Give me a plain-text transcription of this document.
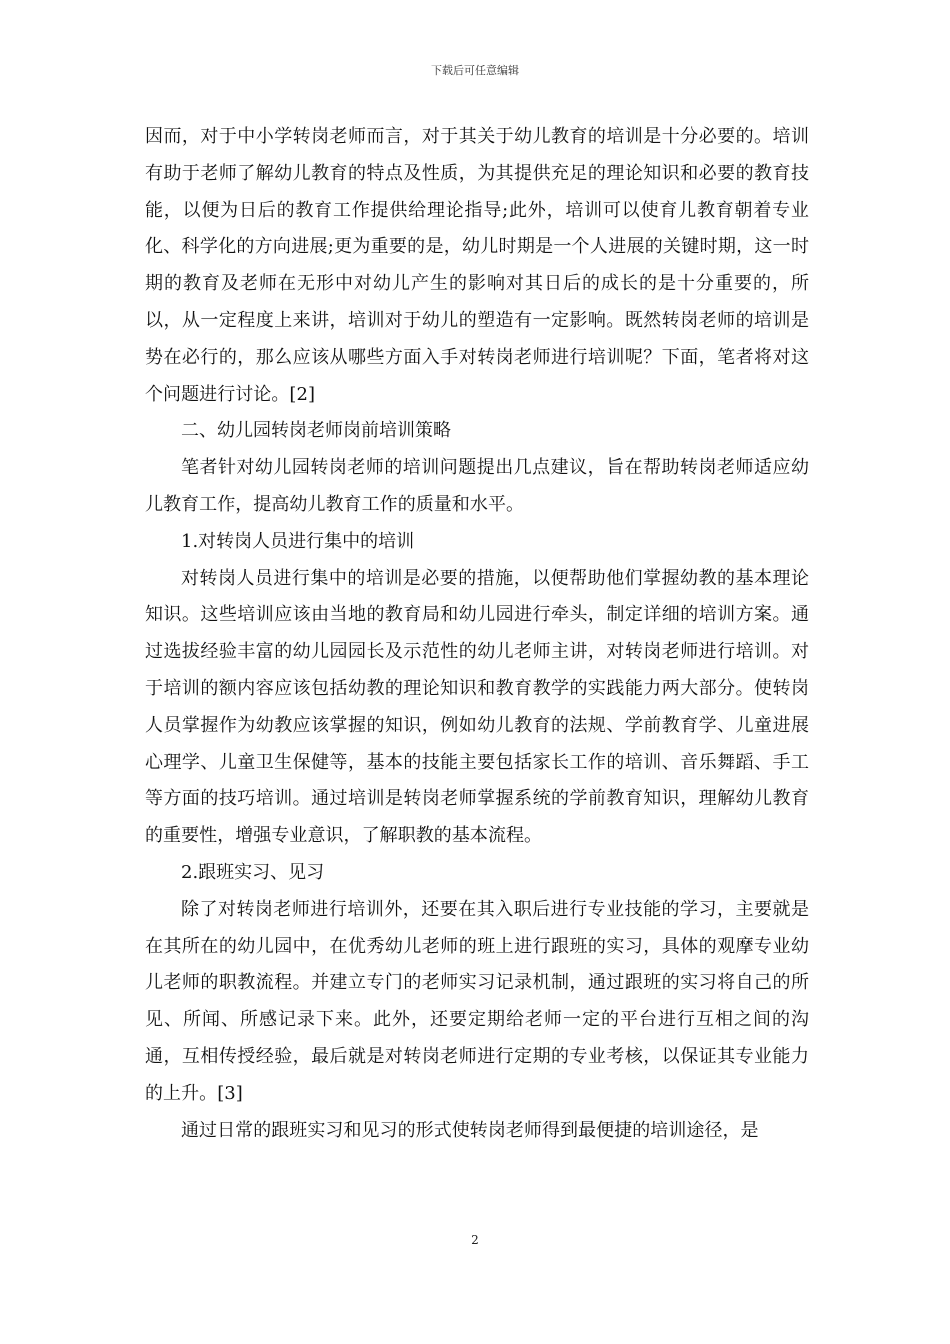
下载后可任意编辑

因而，对于中小学转岗老师而言，对于其关于幼儿教育的培训是十分必要的。培训有助于老师了解幼儿教育的特点及性质，为其提供充足的理论知识和必要的教育技能，以便为日后的教育工作提供给理论指导;此外，培训可以使育儿教育朝着专业化、科学化的方向进展;更为重要的是，幼儿时期是一个人进展的关键时期，这一时期的教育及老师在无形中对幼儿产生的影响对其日后的成长的是十分重要的，所以，从一定程度上来讲，培训对于幼儿的塑造有一定影响。既然转岗老师的培训是势在必行的，那么应该从哪些方面入手对转岗老师进行培训呢？下面，笔者将对这个问题进行讨论。[2]

二、幼儿园转岗老师岗前培训策略

笔者针对幼儿园转岗老师的培训问题提出几点建议，旨在帮助转岗老师适应幼儿教育工作，提高幼儿教育工作的质量和水平。

1.对转岗人员进行集中的培训

对转岗人员进行集中的培训是必要的措施，以便帮助他们掌握幼教的基本理论知识。这些培训应该由当地的教育局和幼儿园进行牵头，制定详细的培训方案。通过选拔经验丰富的幼儿园园长及示范性的幼儿老师主讲，对转岗老师进行培训。对于培训的额内容应该包括幼教的理论知识和教育教学的实践能力两大部分。使转岗人员掌握作为幼教应该掌握的知识，例如幼儿教育的法规、学前教育学、儿童进展心理学、儿童卫生保健等，基本的技能主要包括家长工作的培训、音乐舞蹈、手工等方面的技巧培训。通过培训是转岗老师掌握系统的学前教育知识，理解幼儿教育的重要性，增强专业意识，了解职教的基本流程。

2.跟班实习、见习

除了对转岗老师进行培训外，还要在其入职后进行专业技能的学习，主要就是在其所在的幼儿园中，在优秀幼儿老师的班上进行跟班的实习，具体的观摩专业幼儿老师的职教流程。并建立专门的老师实习记录机制，通过跟班的实习将自己的所见、所闻、所感记录下来。此外，还要定期给老师一定的平台进行互相之间的沟通，互相传授经验，最后就是对转岗老师进行定期的专业考核，以保证其专业能力的上升。[3]

通过日常的跟班实习和见习的形式使转岗老师得到最便捷的培训途径，是

2
